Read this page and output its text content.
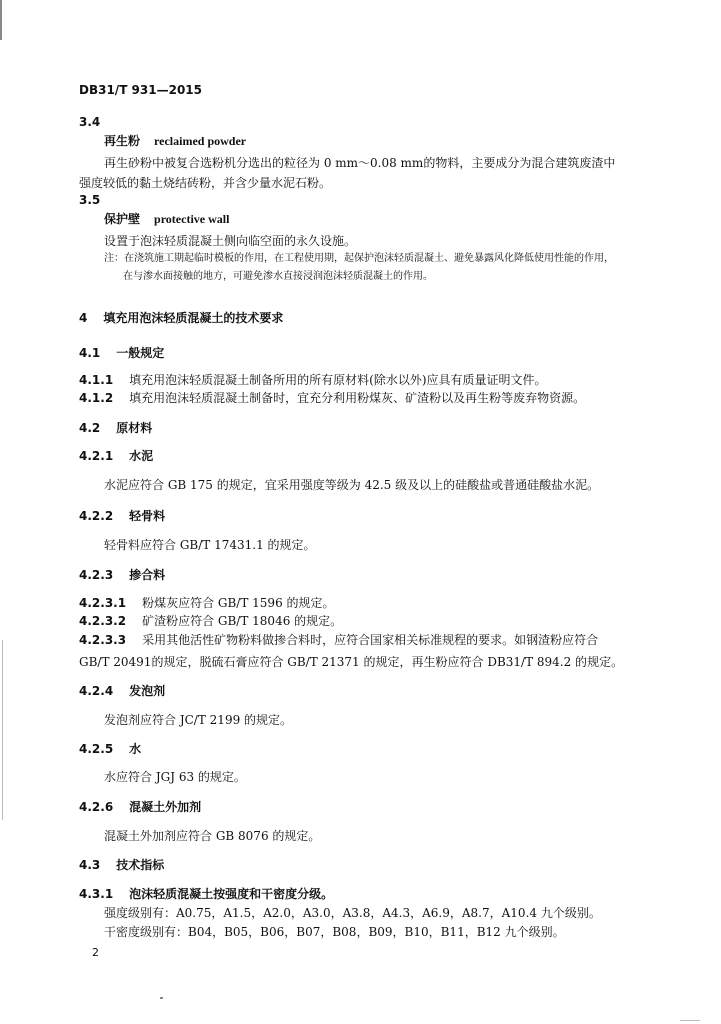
DB31/T 931—2015
3.4
再生粉 reclaimed powder
再生砂粉中被复合选粉机分选出的粒径为 0 mm～0.08 mm的物料，主要成分为混合建筑废渣中
强度较低的黏土烧结砖粉，并含少量水泥石粉。
3.5
保护壁 protective wall
设置于泡沫轻质混凝土侧向临空面的永久设施。
注：在浇筑施工期起临时模板的作用，在工程使用期，起保护泡沫轻质混凝土、避免暴露风化降低使用性能的作用，
在与渗水面接触的地方，可避免渗水直接浸润泡沫轻质混凝土的作用。
4 填充用泡沫轻质混凝土的技术要求
4.1 一般规定
4.1.1 填充用泡沫轻质混凝土制备所用的所有原材料(除水以外)应具有质量证明文件。
4.1.2 填充用泡沫轻质混凝土制备时，宜充分利用粉煤灰、矿渣粉以及再生粉等废弃物资源。
4.2 原材料
4.2.1 水泥
水泥应符合 GB 175 的规定，宜采用强度等级为 42.5 级及以上的硅酸盐或普通硅酸盐水泥。
4.2.2 轻骨料
轻骨料应符合 GB/T 17431.1 的规定。
4.2.3 掺合料
4.2.3.1 粉煤灰应符合 GB/T 1596 的规定。
4.2.3.2 矿渣粉应符合 GB/T 18046 的规定。
4.2.3.3 采用其他活性矿物粉料做掺合料时，应符合国家相关标准规程的要求。如钢渣粉应符合
GB/T 20491的规定，脱硫石膏应符合 GB/T 21371 的规定，再生粉应符合 DB31/T 894.2 的规定。
4.2.4 发泡剂
发泡剂应符合 JC/T 2199 的规定。
4.2.5 水
水应符合 JGJ 63 的规定。
4.2.6 混凝土外加剂
混凝土外加剂应符合 GB 8076 的规定。
4.3 技术指标
4.3.1 泡沫轻质混凝土按强度和干密度分级。
强度级别有：A0.75，A1.5，A2.0，A3.0，A3.8，A4.3，A6.9，A8.7，A10.4 九个级别。
干密度级别有：B04，B05，B06，B07，B08，B09，B10，B11，B12 九个级别。
2
